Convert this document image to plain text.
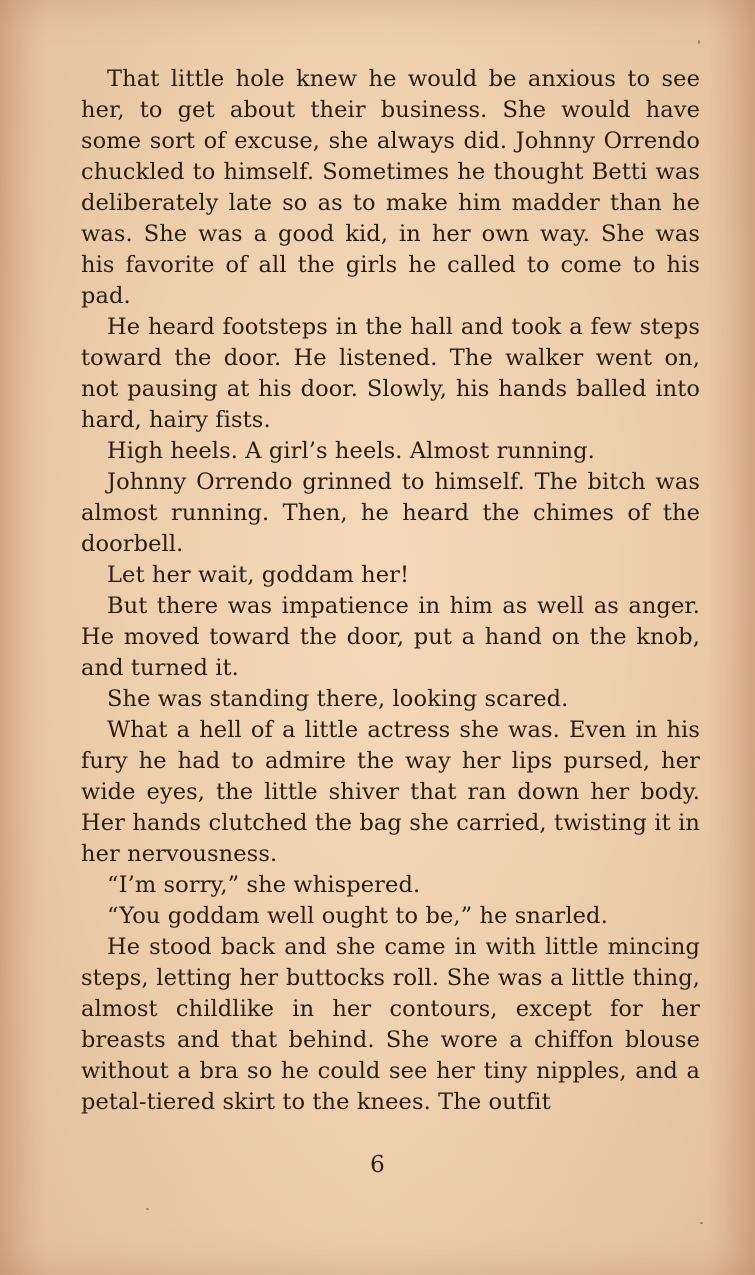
That little hole knew he would be anxious to see her, to get about their business. She would have some sort of excuse, she always did. Johnny Orrendo chuckled to himself. Sometimes he thought Betti was deliberately late so as to make him madder than he was. She was a good kid, in her own way. She was his favorite of all the girls he called to come to his pad.

He heard footsteps in the hall and took a few steps toward the door. He listened. The walker went on, not pausing at his door. Slowly, his hands balled into hard, hairy fists.

High heels. A girl’s heels. Almost running.

Johnny Orrendo grinned to himself. The bitch was almost running. Then, he heard the chimes of the doorbell.

Let her wait, goddam her!

But there was impatience in him as well as anger. He moved toward the door, put a hand on the knob, and turned it.

She was standing there, looking scared.

What a hell of a little actress she was. Even in his fury he had to admire the way her lips pursed, her wide eyes, the little shiver that ran down her body. Her hands clutched the bag she carried, twisting it in her nervousness.

“I’m sorry,” she whispered.

“You goddam well ought to be,” he snarled.

He stood back and she came in with little mincing steps, letting her buttocks roll. She was a little thing, almost childlike in her contours, except for her breasts and that behind. She wore a chiffon blouse without a bra so he could see her tiny nipples, and a petal-tiered skirt to the knees. The outfit

6
